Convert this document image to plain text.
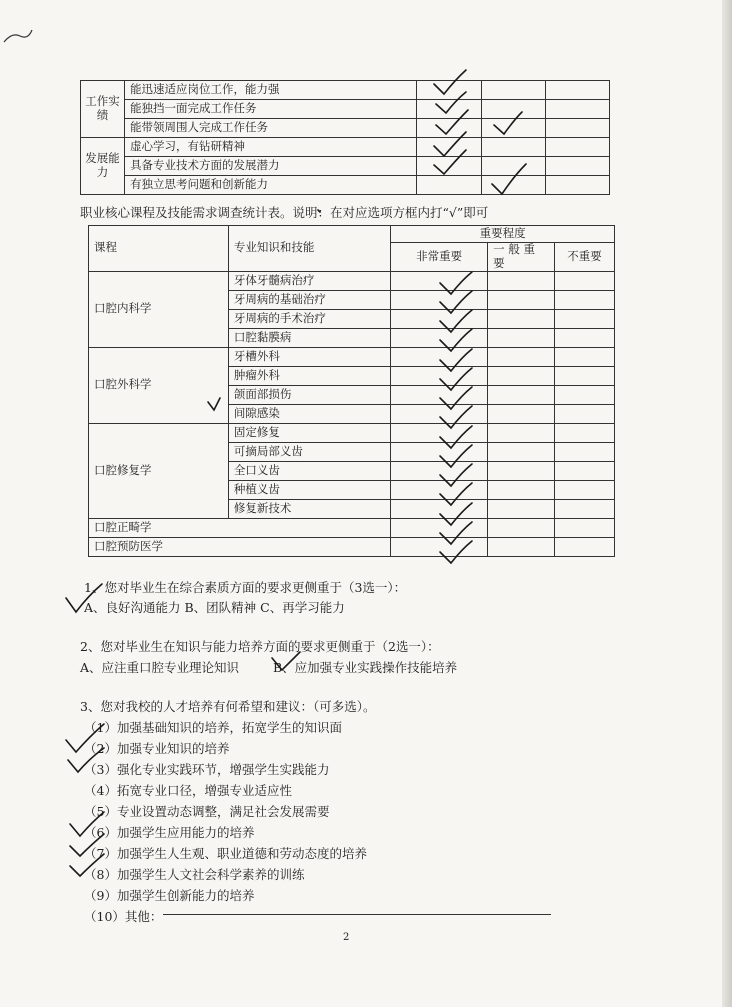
工作实绩	能迅速适应岗位工作，能力强			
	能独挡一面完成工作任务			
	能带领周围人完成工作任务			
发展能力	虚心学习，有钻研精神			
	具备专业技术方面的发展潜力			
	有独立思考问题和创新能力			
职业核心课程及技能需求调查统计表。说明：在对应选项方框内打“√”即可
课程	专业知识和技能	重要程度		
		非常重要	一 般 重 要	不重要
口腔内科学	牙体牙髓病治疗			
	牙周病的基础治疗			
	牙周病的手术治疗			
	口腔黏膜病			
口腔外科学	牙槽外科			
	肿瘤外科			
	颌面部损伤			
	间隙感染			
口腔修复学	固定修复			
	可摘局部义齿			
	全口义齿			
	种植义齿			
	修复新技术			
口腔正畸学				
口腔预防医学				
1、您对毕业生在综合素质方面的要求更侧重于（3选一）：
A、良好沟通能力 B、团队精神 C、再学习能力
2、您对毕业生在知识与能力培养方面的要求更侧重于（2选一）：
A、应注重口腔专业理论知识	B、应加强专业实践操作技能培养
3、您对我校的人才培养有何希望和建议：（可多选）。
（1）加强基础知识的培养，拓宽学生的知识面
（2）加强专业知识的培养
（3）强化专业实践环节，增强学生实践能力
（4）拓宽专业口径，增强专业适应性
（5）专业设置动态调整，满足社会发展需要
（6）加强学生应用能力的培养
（7）加强学生人生观、职业道德和劳动态度的培养
（8）加强学生人文社会科学素养的训练
（9）加强学生创新能力的培养
（10）其他：
2
